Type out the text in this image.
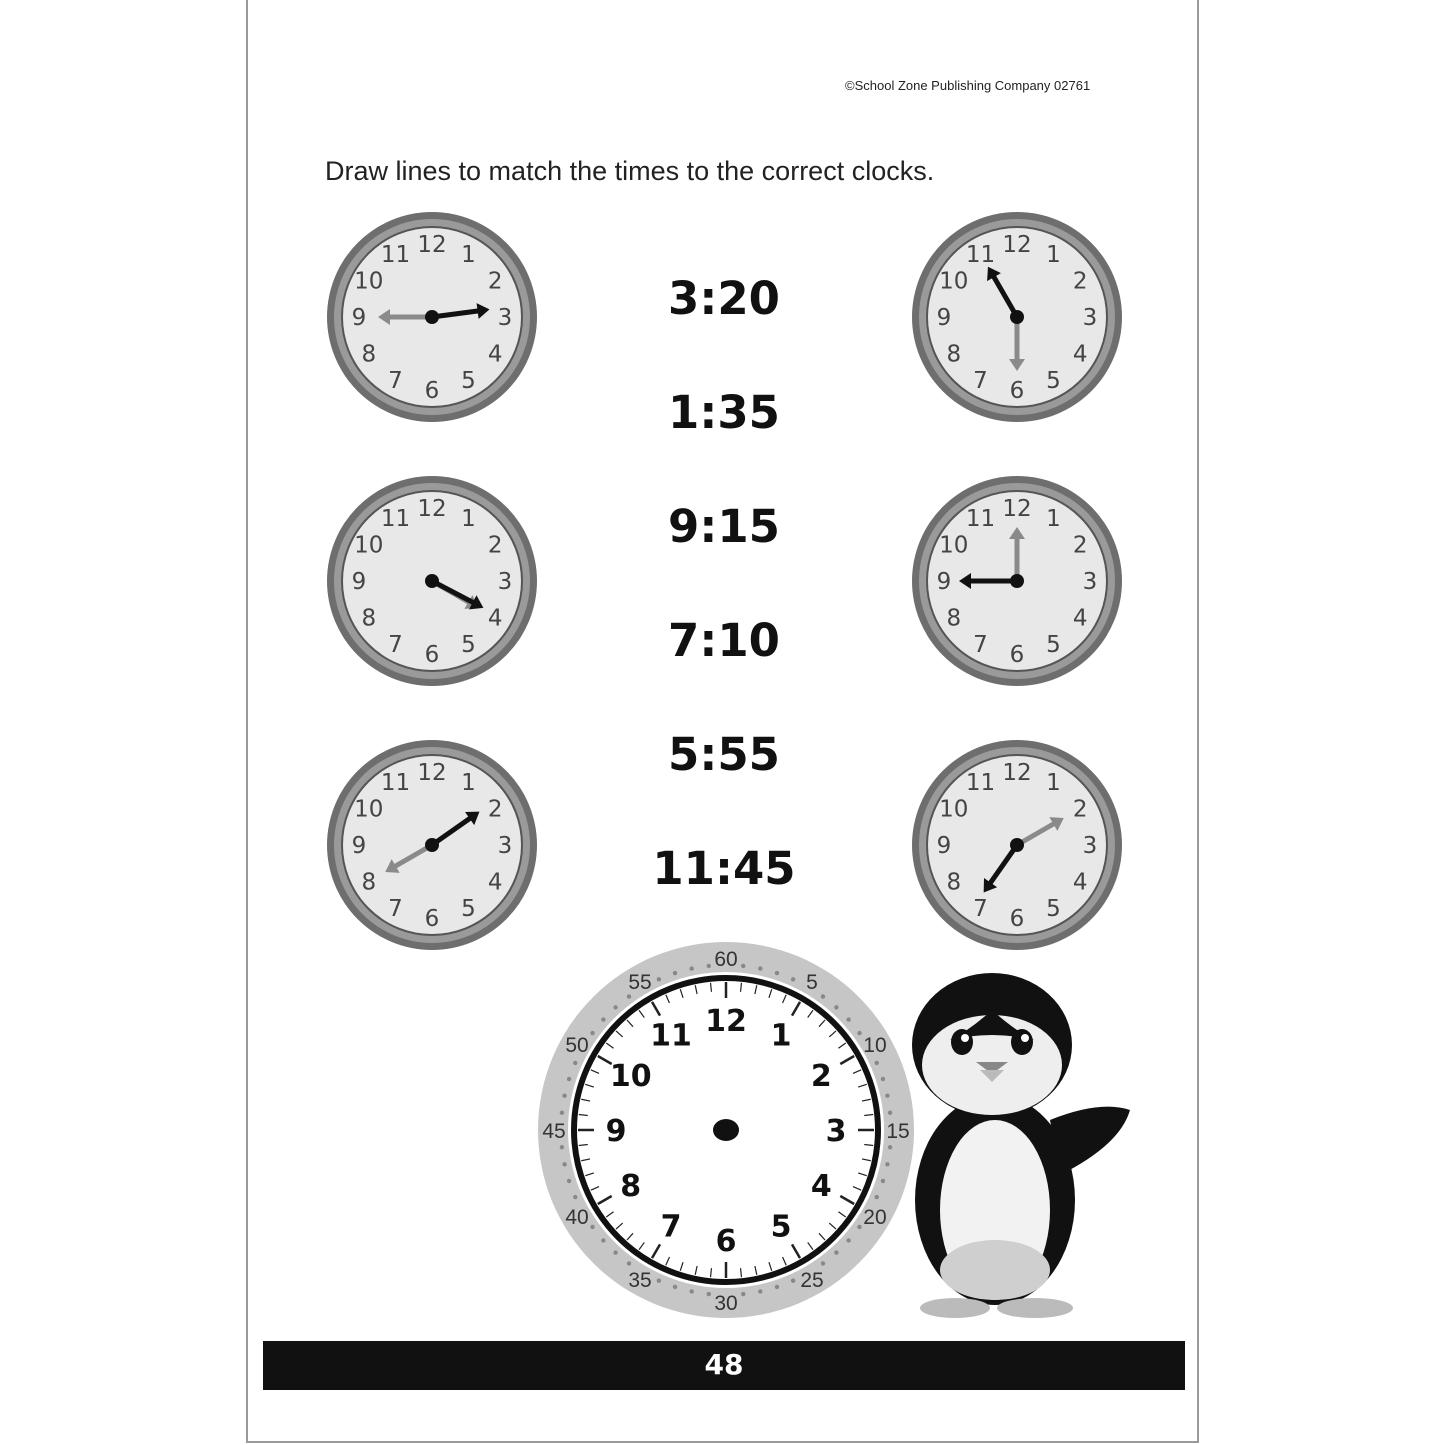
©School Zone Publishing Company 02761
Draw lines to match the times to the correct clocks.
3:20
1:35
9:15
7:10
5:55
11:45
12 1
2
3
4
5
6
7
8
9
10
11
12 1
2
3
4
5
6
7
8
9
10
11
12 1
2
3
4
5
6
7
8
9
10
11
12 1
2
3
4
5
6
7
8
9
10
11
12 1
2
3
4
5
6
7
8
9
10
11
12 1
2
3
4
5
6
7
8
9
10
11
12 1
2
3
4
5
6
7
8
9
10
11
60
5
10
15
20
25
30
35
40
45
50
55
48
